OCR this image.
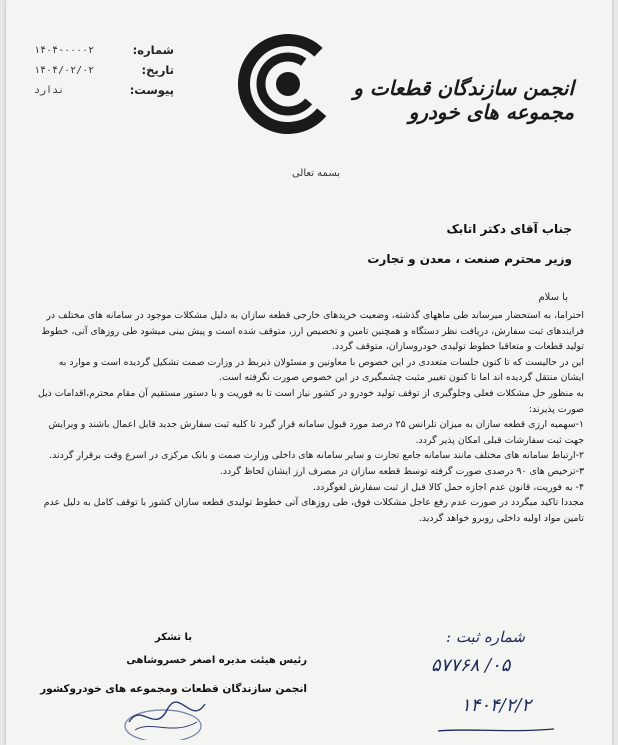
شماره:
۱۴۰۴-۰۰۰۰۲
تاریخ:
۱۴۰۴/۰۲/۰۲
پیوست:
ندارد	انجمن سازندگان قطعات و مجموعه های خودرو
بسمه تعالی
جناب آقای دکتر اتابک
وزیر محترم صنعت ، معدن و تجارت
با سلام

احتراما، به استحضار میرساند طی ماههای گذشته، وضعیت خریدهای خارجی قطعه سازان به دلیل مشکلات موجود در سامانه های مختلف در فرایندهای ثبت سفارش، دریافت نظر دستگاه و همچنین تامین و تخصیص ارز، متوقف شده است و پیش بینی میشود طی روزهای آتی، خطوط تولید قطعات و متعاقبا خطوط تولیدی خودروسازان، متوقف گردد.

این در حالیست که تا کنون جلسات متعددی در این خصوص با معاونین و مسئولان ذیربط در وزارت صمت تشکیل گردیده است و موارد به ایشان منتقل گردیده اند اما تا کنون تغییر مثبت چشمگیری در این خصوص صورت نگرفته است.

به منظور حل مشکلات فعلی وجلوگیری از توقف تولید خودرو در کشور نیاز است تا به فوریت و با دستور مستقیم آن مقام محترم،اقدامات ذیل صورت پذیرند:

۱-سهمیه ارزی قطعه سازان به میزان تلرانس ۲۵ درصد مورد قبول سامانه قرار گیرد تا کلیه ثبت سفارش جدید قابل اعمال باشند و ویرایش جهت ثبت سفارشات قبلی امکان پذیر گردد.

۲-ارتباط سامانه های مختلف مانند سامانه جامع تجارت و سایر سامانه های داخلی وزارت صمت و بانک مرکزی در اسرع وقت برقرار گردند.

۳-ترخیص های ۹۰ درصدی صورت گرفته توسط قطعه سازان در مصرف ارز ایشان لحاظ گردد.

۴- به فوریت، قانون عدم اجازه حمل کالا قبل از ثبت سفارش لغوگردد.

مجددا تاکید میگردد در صورت عدم رفع عاجل مشکلات فوق، طی روزهای آتی خطوط تولیدی قطعه سازان کشور با توقف کامل به دلیل عدم تامین مواد اولیه داخلی روبرو خواهد گردید.

با تشکر
رئیس هیئت مدیره اصغر خسروشاهی
انجمن سازندگان قطعات ومجموعه های خودروکشور
شماره ثبت :
۵۷۷۶۸ /۰۵
۱۴۰۴/۲/۲
